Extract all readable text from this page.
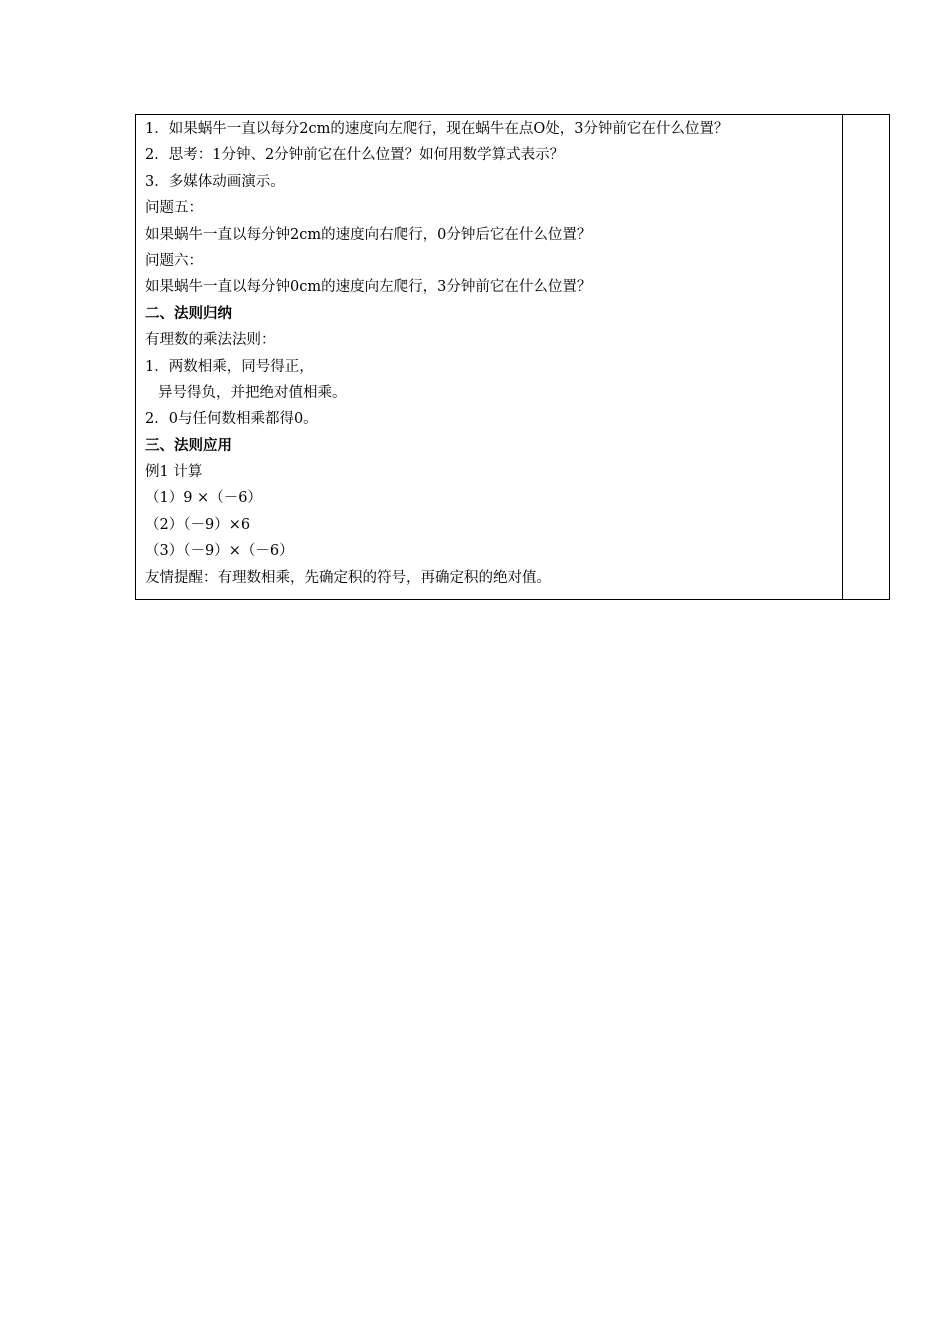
1．如果蜗牛一直以每分2cm的速度向左爬行，现在蜗牛在点O处，3分钟前它在什么位置？
2．思考：1分钟、2分钟前它在什么位置？如何用数学算式表示？
3．多媒体动画演示。
问题五：
如果蜗牛一直以每分钟2cm的速度向右爬行，0分钟后它在什么位置？
问题六：
如果蜗牛一直以每分钟0cm的速度向左爬行，3分钟前它在什么位置？
二、法则归纳
有理数的乘法法则：
1．两数相乘，同号得正，
异号得负，并把绝对值相乘。
2．0与任何数相乘都得0。
三、法则应用
例1 计算
（1）9 ×（－6）
（2）（－9）×6
（3）（－9）×（－6）
友情提醒：有理数相乘，先确定积的符号，再确定积的绝对值。
